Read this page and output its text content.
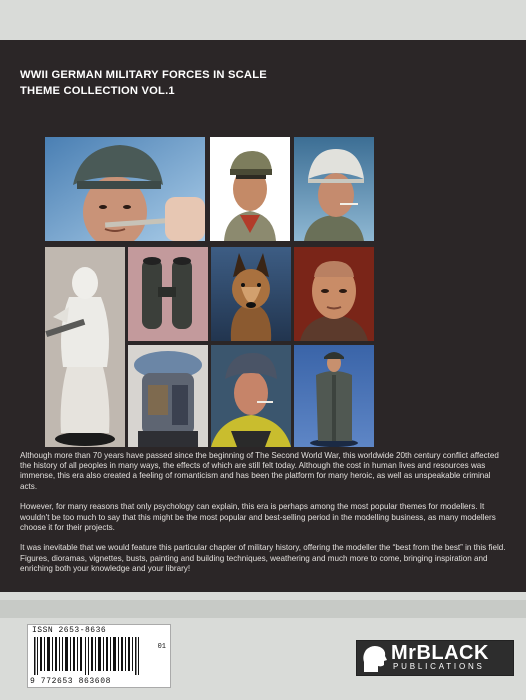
WWII GERMAN MILITARY FORCES IN SCALE
THEME COLLECTION VOL.1

Although more than 70 years have passed since the beginning of The Second World War, this worldwide 20th century conflict affected the history of all peoples in many ways, the effects of which are still felt today. Although the cost in human lives and resources was immense, this era also created a feeling of romanticism and has been the platform for many heroic, as well as unspeakable criminal acts.

However, for many reasons that only psychology can explain, this era is perhaps among the most popular themes for modellers. It wouldn't be too much to say that this might be the most popular and best-selling period in the modelling business, as many modellers choose it for their projects.

It was inevitable that we would feature this particular chapter of military history, offering the modeller the “best from the best” in this field. Figures, dioramas, vignettes, busts, painting and building techniques, weathering and much more to come, bringing inspiration and enriching both your knowledge and your library!

ISSN 2653-8636
01
9 772653 863608
MrBLACK
PUBLICATIONS
